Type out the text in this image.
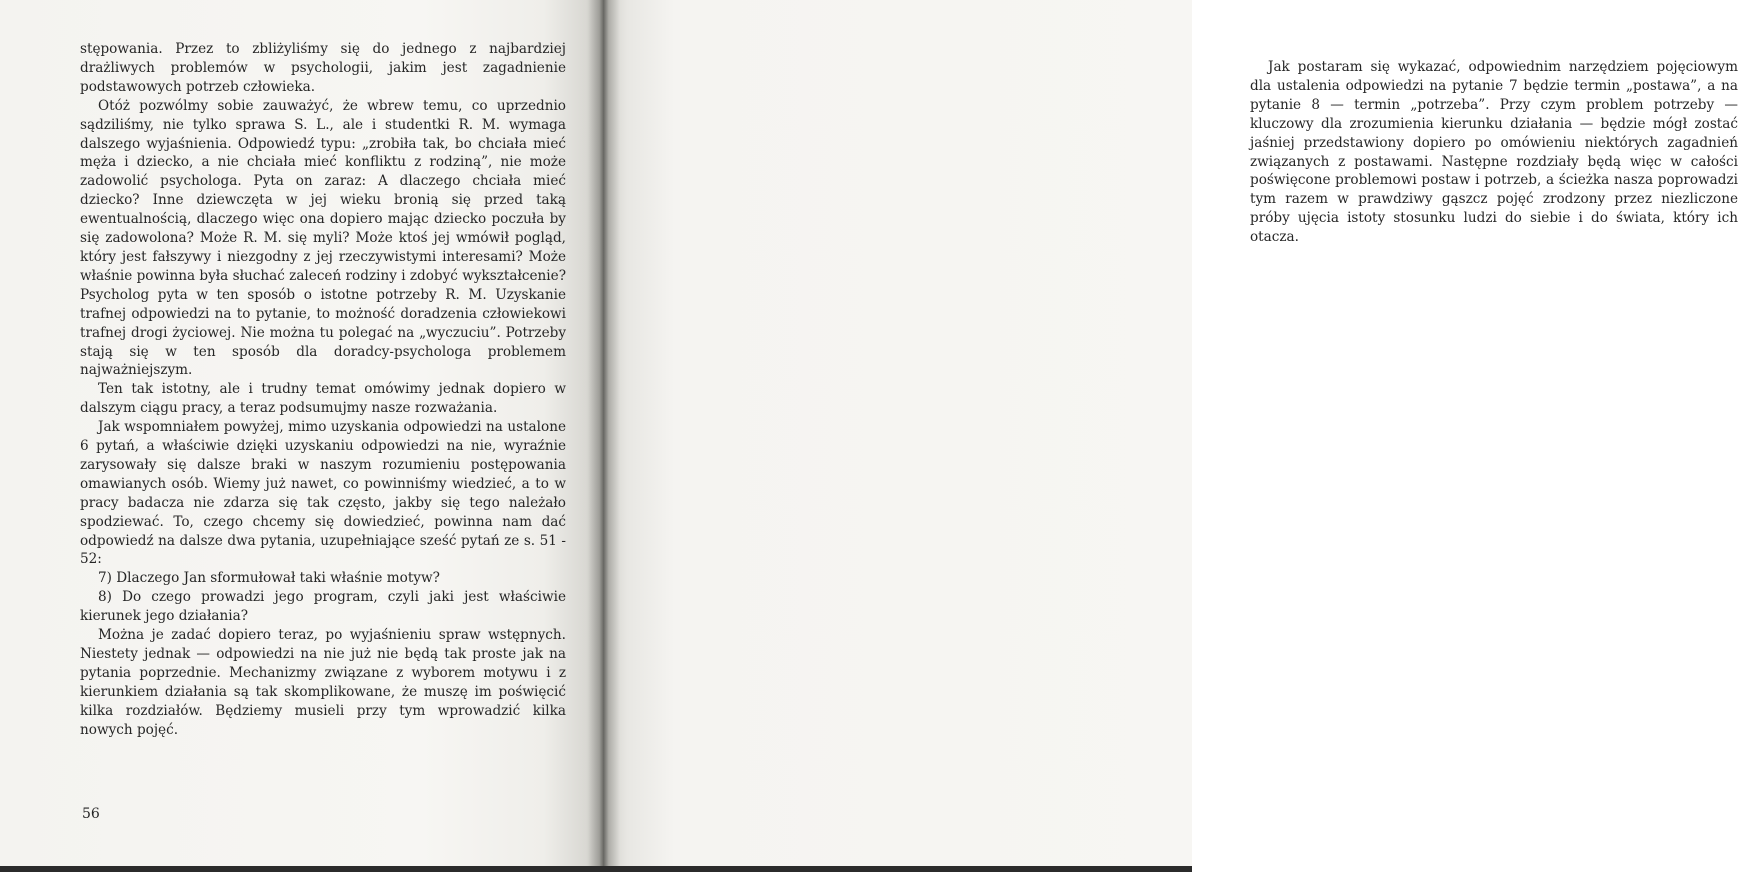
stępowania. Przez to zbliżyliśmy się do jednego z najbardziej drażliwych problemów w psychologii, jakim jest zagadnienie podstawowych potrzeb człowieka.

Otóż pozwólmy sobie zauważyć, że wbrew temu, co uprzednio sądziliśmy, nie tylko sprawa S. L., ale i studentki R. M. wymaga dalszego wyjaśnienia. Odpowiedź typu: „zrobiła tak, bo chciała mieć męża i dziecko, a nie chciała mieć konfliktu z rodziną”, nie może zadowolić psychologa. Pyta on zaraz: A dlaczego chciała mieć dziecko? Inne dziewczęta w jej wieku bronią się przed taką ewentualnością, dlaczego więc ona dopiero mając dziecko poczuła by się zadowolona? Może R. M. się myli? Może ktoś jej wmówił pogląd, który jest fałszywy i niezgodny z jej rzeczywistymi interesami? Może właśnie powinna była słuchać zaleceń rodziny i zdobyć wykształcenie? Psycholog pyta w ten sposób o istotne potrzeby R. M. Uzyskanie trafnej odpowiedzi na to pytanie, to możność doradzenia człowiekowi trafnej drogi życiowej. Nie można tu polegać na „wyczuciu”. Potrzeby stają się w ten sposób dla doradcy-psychologa problemem najważniejszym.

Ten tak istotny, ale i trudny temat omówimy jednak dopiero w dalszym ciągu pracy, a teraz podsumujmy nasze rozważania.

Jak wspomniałem powyżej, mimo uzyskania odpowiedzi na ustalone 6 pytań, a właściwie dzięki uzyskaniu odpowiedzi na nie, wyraźnie zarysowały się dalsze braki w naszym rozumieniu postępowania omawianych osób. Wiemy już nawet, co powinniśmy wiedzieć, a to w pracy badacza nie zdarza się tak często, jakby się tego należało spodziewać. To, czego chcemy się dowiedzieć, powinna nam dać odpowiedź na dalsze dwa pytania, uzupełniające sześć pytań ze s. 51 - 52:

7) Dlaczego Jan sformułował taki właśnie motyw?

8) Do czego prowadzi jego program, czyli jaki jest właściwie kierunek jego działania?

Można je zadać dopiero teraz, po wyjaśnieniu spraw wstępnych. Niestety jednak — odpowiedzi na nie już nie będą tak proste jak na pytania poprzednie. Mechanizmy związane z wyborem motywu i z kierunkiem działania są tak skomplikowane, że muszę im poświęcić kilka rozdziałów. Będziemy musieli przy tym wprowadzić kilka nowych pojęć.

56

Jak postaram się wykazać, odpowiednim narzędziem pojęciowym dla ustalenia odpowiedzi na pytanie 7 będzie termin „postawa”, a na pytanie 8 — termin „potrzeba”. Przy czym problem potrzeby — kluczowy dla zrozumienia kierunku działania — będzie mógł zostać jaśniej przedstawiony dopiero po omówieniu niektórych zagadnień związanych z postawami. Następne rozdziały będą więc w całości poświęcone problemowi postaw i potrzeb, a ścieżka nasza poprowadzi tym razem w prawdziwy gąszcz pojęć zrodzony przez niezliczone próby ujęcia istoty stosunku ludzi do siebie i do świata, który ich otacza.
